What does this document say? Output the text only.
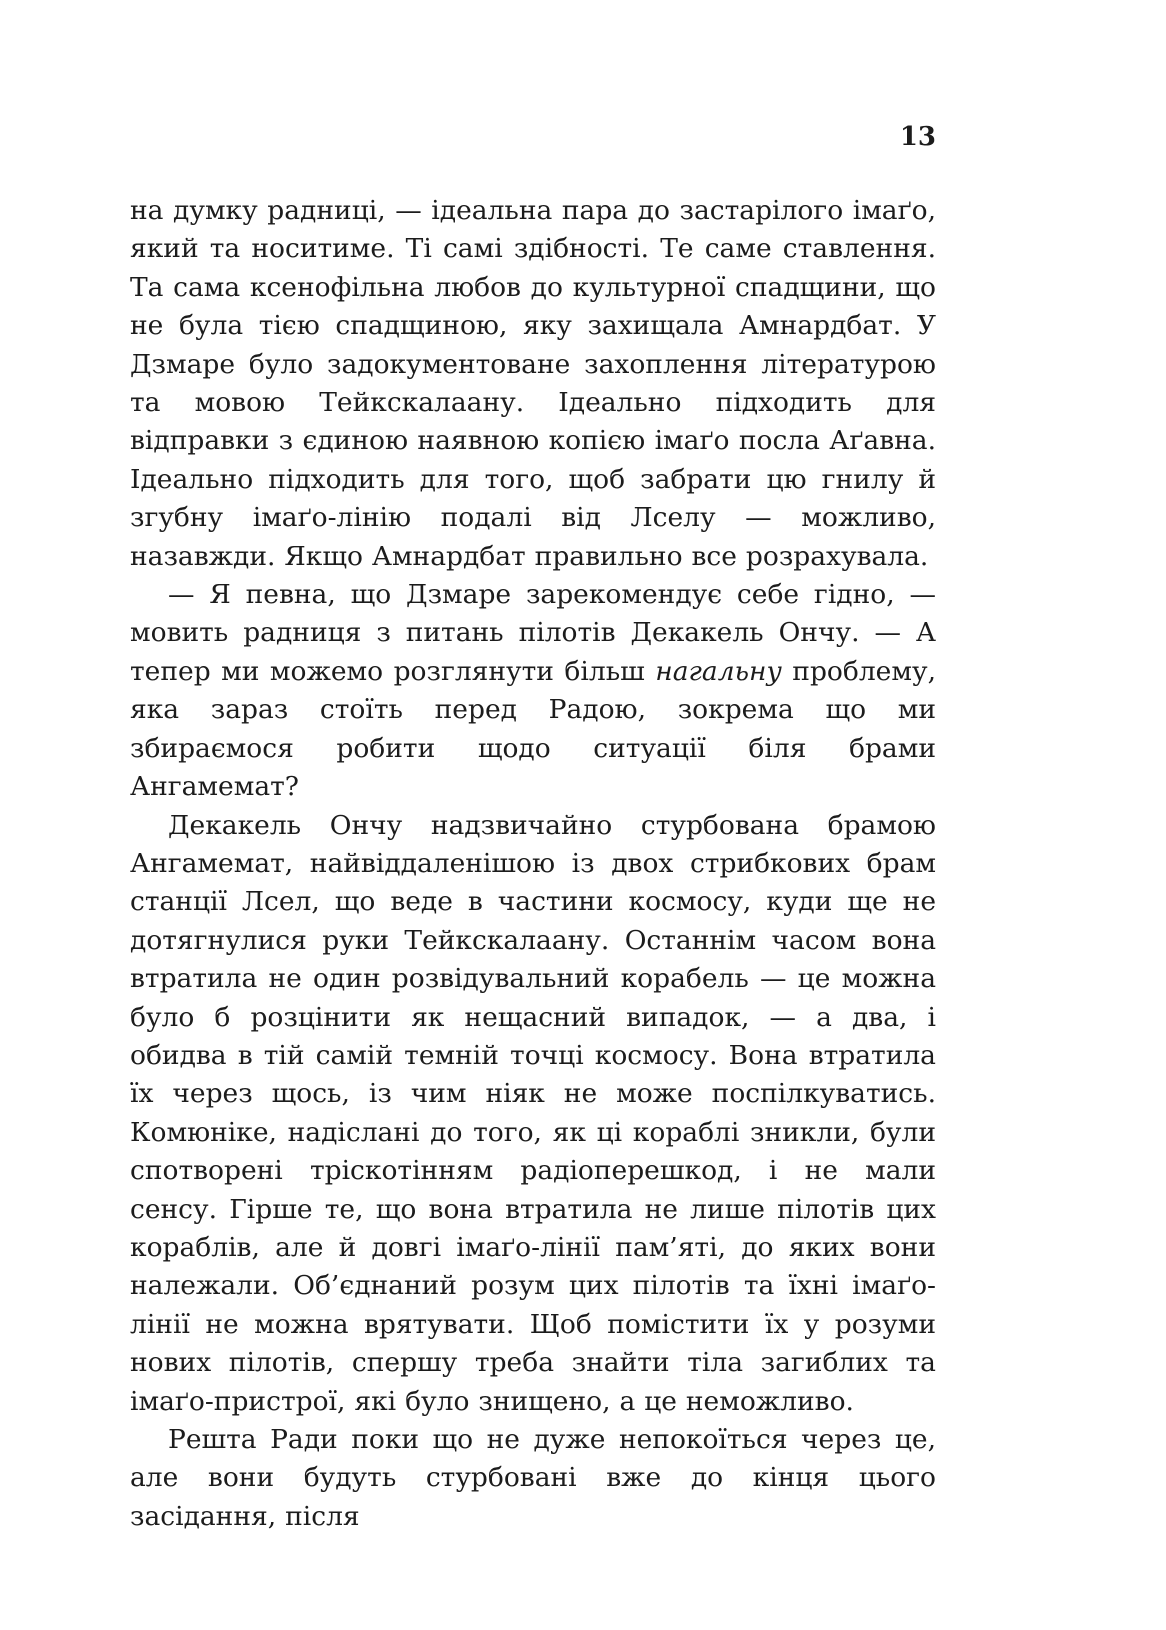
13

на думку радниці, — ідеальна пара до застарілого імаґо, який та носитиме. Ті самі здібності. Те саме ставлення. Та сама ксенофільна любов до культурної спадщини, що не була тією спадщиною, яку захищала Амнардбат. У Дзмаре було задокументоване захоплення літературою та мовою Тейкскалаану. Ідеально підходить для відправки з єдиною наявною копією імаґо посла Аґавна. Ідеально підходить для того, щоб забрати цю гнилу й згубну імаґо-лінію подалі від Лселу — можливо, назавжди. Якщо Амнардбат правильно все розрахувала.

— Я певна, що Дзмаре зарекомендує себе гідно, — мовить радниця з питань пілотів Декакель Ончу. — А тепер ми можемо розглянути більш нагальну проблему, яка зараз стоїть перед Радою, зокрема що ми збираємося робити щодо ситуації біля брами Ангамемат?

Декакель Ончу надзвичайно стурбована брамою Ангамемат, найвіддаленішою із двох стрибкових брам станції Лсел, що веде в частини космосу, куди ще не дотягнулися руки Тейкскалаану. Останнім часом вона втратила не один розвідувальний корабель — це можна було б розцінити як нещасний випадок, — а два, і обидва в тій самій темній точці космосу. Вона втратила їх через щось, із чим ніяк не може поспілкуватись. Комюніке, надіслані до того, як ці кораблі зникли, були спотворені тріскотінням радіоперешкод, і не мали сенсу. Гірше те, що вона втратила не лише пілотів цих кораблів, але й довгі імаґо-лінії пам’яті, до яких вони належали. Об’єднаний розум цих пілотів та їхні імаґо-лінії не можна врятувати. Щоб помістити їх у розуми нових пілотів, спершу треба знайти тіла загиблих та імаґо-пристрої, які було знищено, а це неможливо.

Решта Ради поки що не дуже непокоїться через це, але вони будуть стурбовані вже до кінця цього засідання, після
